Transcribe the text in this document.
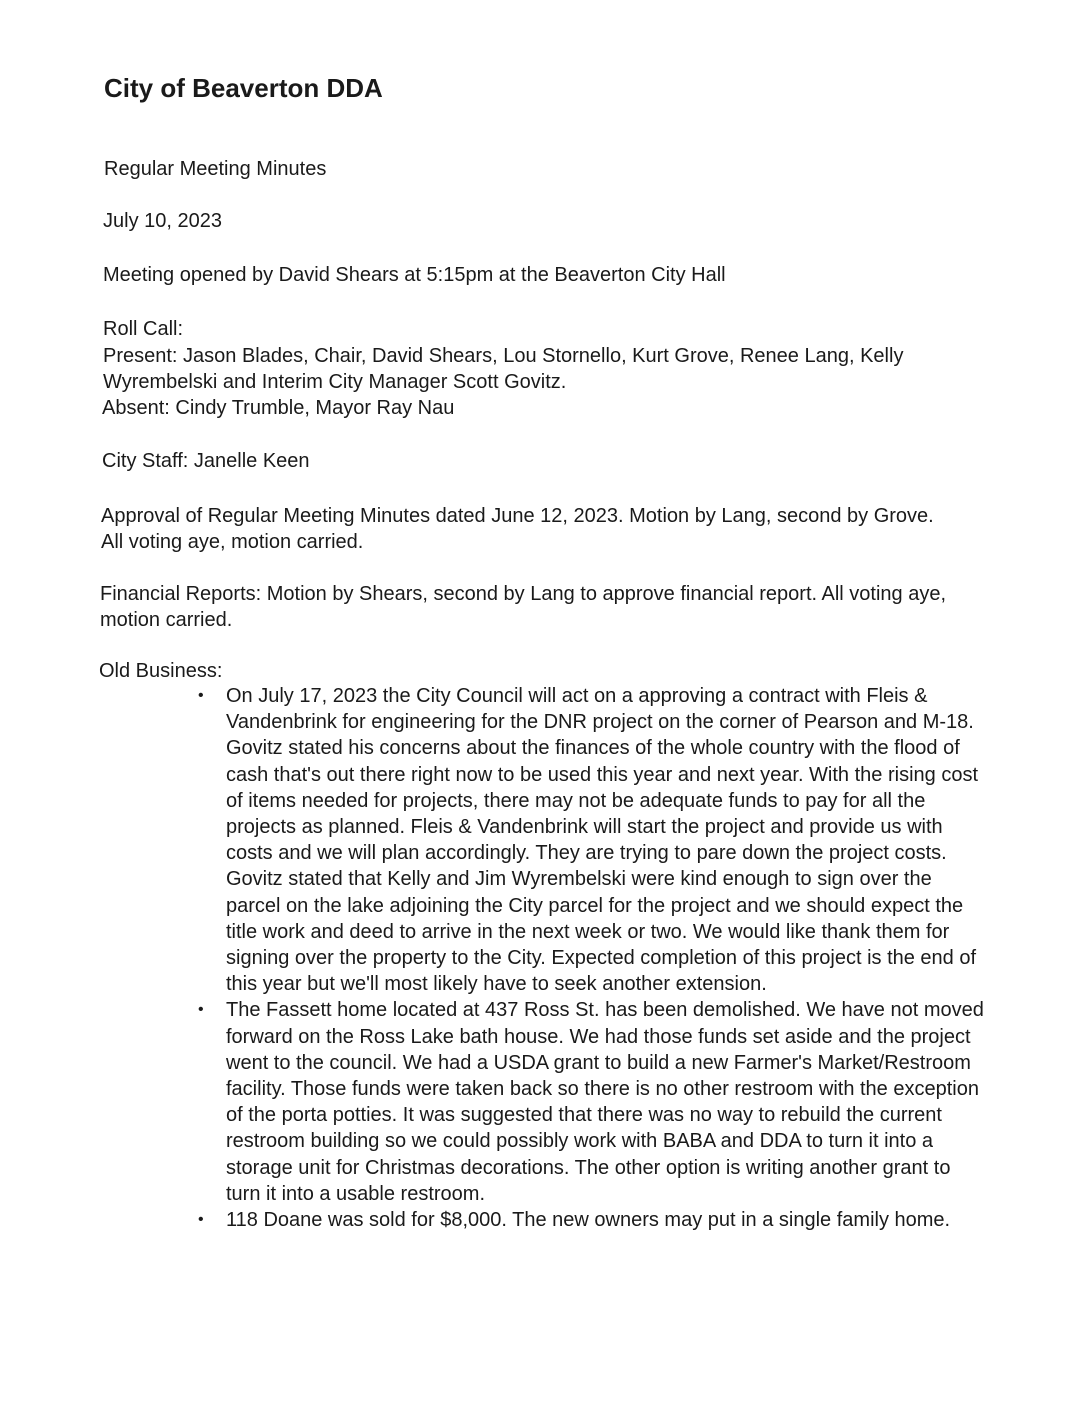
City of Beaverton DDA

Regular Meeting Minutes

July 10, 2023

Meeting opened by David Shears at 5:15pm at the Beaverton City Hall

Roll Call:

Present: Jason Blades, Chair, David Shears, Lou Stornello, Kurt Grove, Renee Lang, Kelly Wyrembelski and Interim City Manager Scott Govitz.

Absent: Cindy Trumble, Mayor Ray Nau

City Staff: Janelle Keen

Approval of Regular Meeting Minutes dated June 12, 2023. Motion by Lang, second by Grove. All voting aye, motion carried.

Financial Reports: Motion by Shears, second by Lang to approve financial report. All voting aye, motion carried.

Old Business:

• On July 17, 2023 the City Council will act on a approving a contract with Fleis & Vandenbrink for engineering for the DNR project on the corner of Pearson and M-18. Govitz stated his concerns about the finances of the whole country with the flood of cash that's out there right now to be used this year and next year. With the rising cost of items needed for projects, there may not be adequate funds to pay for all the projects as planned. Fleis & Vandenbrink will start the project and provide us with costs and we will plan accordingly. They are trying to pare down the project costs. Govitz stated that Kelly and Jim Wyrembelski were kind enough to sign over the parcel on the lake adjoining the City parcel for the project and we should expect the title work and deed to arrive in the next week or two. We would like thank them for signing over the property to the City. Expected completion of this project is the end of this year but we'll most likely have to seek another extension.
• The Fassett home located at 437 Ross St. has been demolished. We have not moved forward on the Ross Lake bath house. We had those funds set aside and the project went to the council. We had a USDA grant to build a new Farmer's Market/Restroom facility. Those funds were taken back so there is no other restroom with the exception of the porta potties. It was suggested that there was no way to rebuild the current restroom building so we could possibly work with BABA and DDA to turn it into a storage unit for Christmas decorations. The other option is writing another grant to turn it into a usable restroom.
• 118 Doane was sold for $8,000. The new owners may put in a single family home.
